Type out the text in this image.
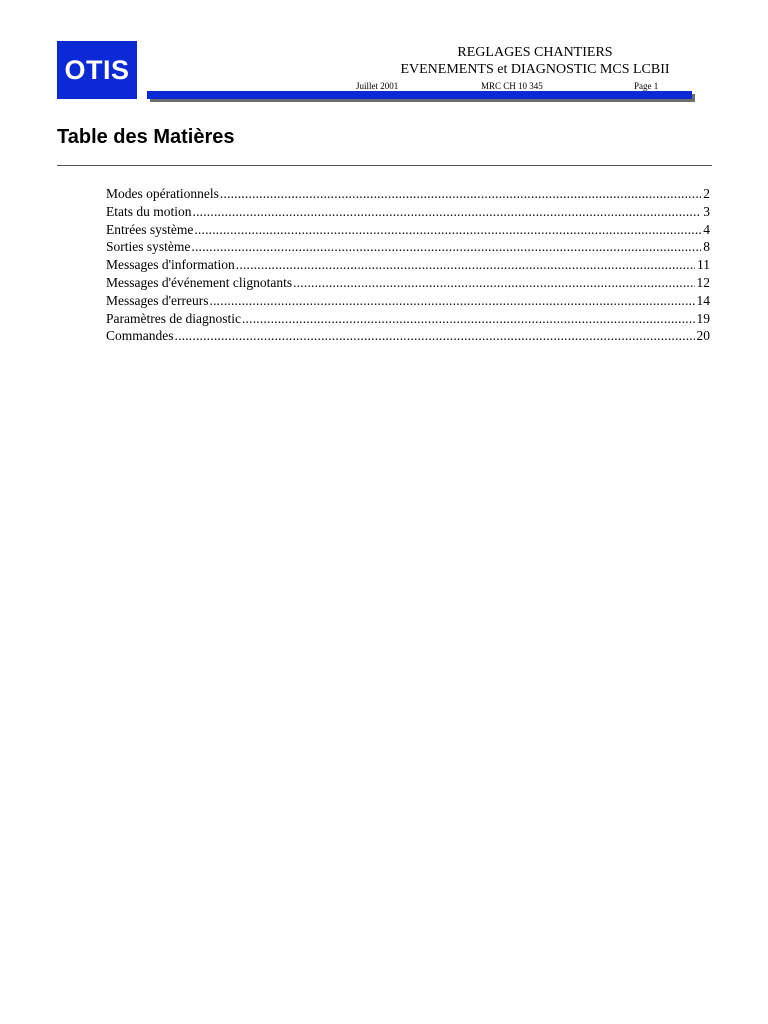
OTIS
REGLAGES CHANTIERS
EVENEMENTS et DIAGNOSTIC MCS LCBII
Juillet 2001	MRC CH 10 345	Page 1
Table des Matières
Modes opérationnels .....	2
Etats du motion .....	3
Entrées système .....	4
Sorties système .....	8
Messages d'information .....	11
Messages d'événement clignotants .....	12
Messages d'erreurs .....	14
Paramètres de diagnostic .....	19
Commandes .....	20
